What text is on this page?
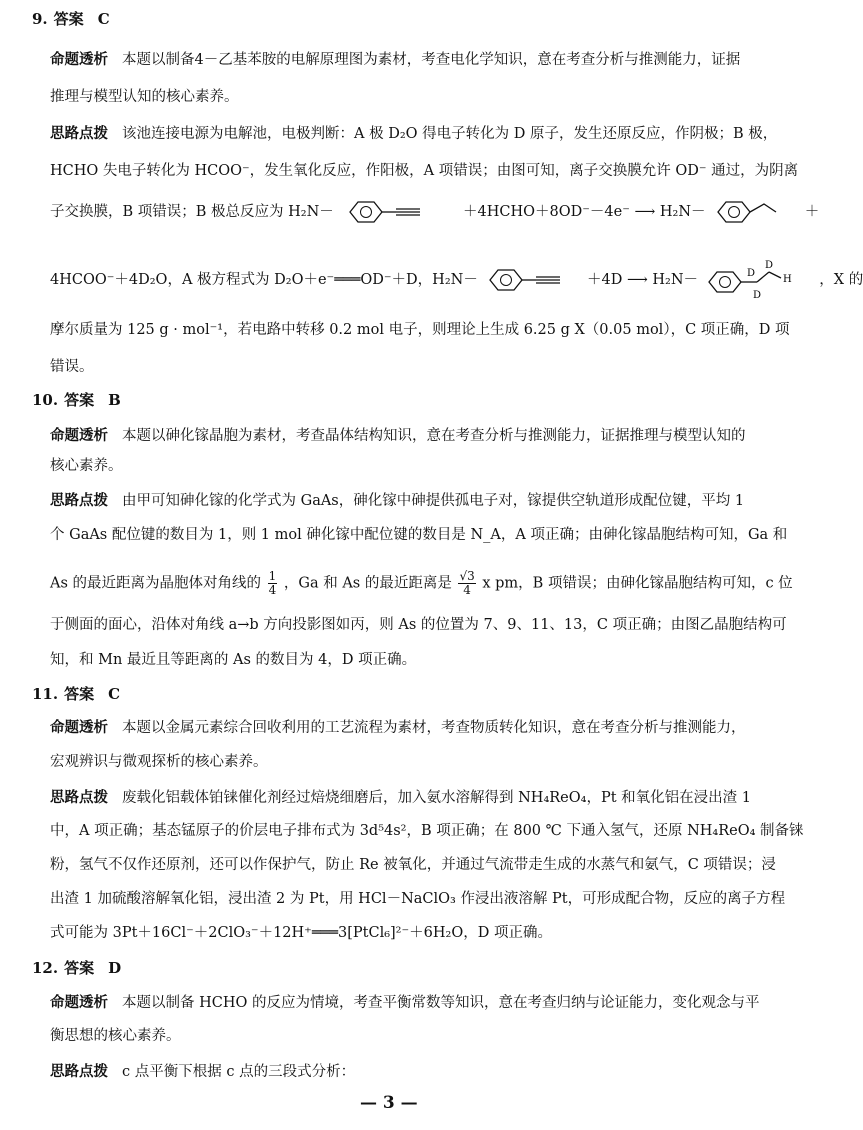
9. 答案 C
命题透析 本题以制备4－乙基苯胺的电解原理图为素材，考查电化学知识，意在考查分析与推测能力，证据
推理与模型认知的核心素养。
思路点拨 该池连接电源为电解池，电极判断：A 极 D₂O 得电子转化为 D 原子，发生还原反应，作阴极；B 极，
HCHO 失电子转化为 HCOO⁻，发生氧化反应，作阳极，A 项错误；由图可知，离子交换膜允许 OD⁻ 通过，为阴离
子交换膜，B 项错误；B 极总反应为 H₂N－	＋4HCHO＋8OD⁻－4e⁻ ⟶ H₂N－	＋
4HCOO⁻＋4D₂O，A 极方程式为 D₂O＋e⁻═══OD⁻＋D，H₂N－	＋4D ⟶ H₂N－	D
D
D
H ，X 的
摩尔质量为 125 g · mol⁻¹，若电路中转移 0.2 mol 电子，则理论上生成 6.25 g X（0.05 mol），C 项正确，D 项
错误。
10. 答案 B
命题透析 本题以砷化镓晶胞为素材，考查晶体结构知识，意在考查分析与推测能力，证据推理与模型认知的
核心素养。
思路点拨 由甲可知砷化镓的化学式为 GaAs，砷化镓中砷提供孤电子对，镓提供空轨道形成配位键，平均 1
个 GaAs 配位键的数目为 1，则 1 mol 砷化镓中配位键的数目是 N_A，A 项正确；由砷化镓晶胞结构可知，Ga 和
As 的最近距离为晶胞体对角线的 $\frac{1}{4}$ ，Ga 和 As 的最近距离是 $\frac{√3}{4}$ x pm，B 项错误；由砷化镓晶胞结构可知，c 位
于侧面的面心，沿体对角线 a→b 方向投影图如丙，则 As 的位置为 7、9、11、13，C 项正确；由图乙晶胞结构可
知，和 Mn 最近且等距离的 As 的数目为 4，D 项正确。
11. 答案 C
命题透析 本题以金属元素综合回收利用的工艺流程为素材，考查物质转化知识，意在考查分析与推测能力，
宏观辨识与微观探析的核心素养。
思路点拨 废载化铝载体铂铼催化剂经过焙烧细磨后，加入氨水溶解得到 NH₄ReO₄，Pt 和氧化铝在浸出渣 1
中，A 项正确；基态锰原子的价层电子排布式为 3d⁵4s²，B 项正确；在 800 ℃ 下通入氢气，还原 NH₄ReO₄ 制备铼
粉，氢气不仅作还原剂，还可以作保护气，防止 Re 被氧化，并通过气流带走生成的水蒸气和氨气，C 项错误；浸
出渣 1 加硫酸溶解氧化铝，浸出渣 2 为 Pt，用 HCl－NaClO₃ 作浸出液溶解 Pt，可形成配合物，反应的离子方程
式可能为 3Pt＋16Cl⁻＋2ClO₃⁻＋12H⁺═══3[PtCl₆]²⁻＋6H₂O，D 项正确。
12. 答案 D
命题透析 本题以制备 HCHO 的反应为情境，考查平衡常数等知识，意在考查归纳与论证能力，变化观念与平
衡思想的核心素养。
思路点拨 c 点平衡下根据 c 点的三段式分析：
— 3 —
